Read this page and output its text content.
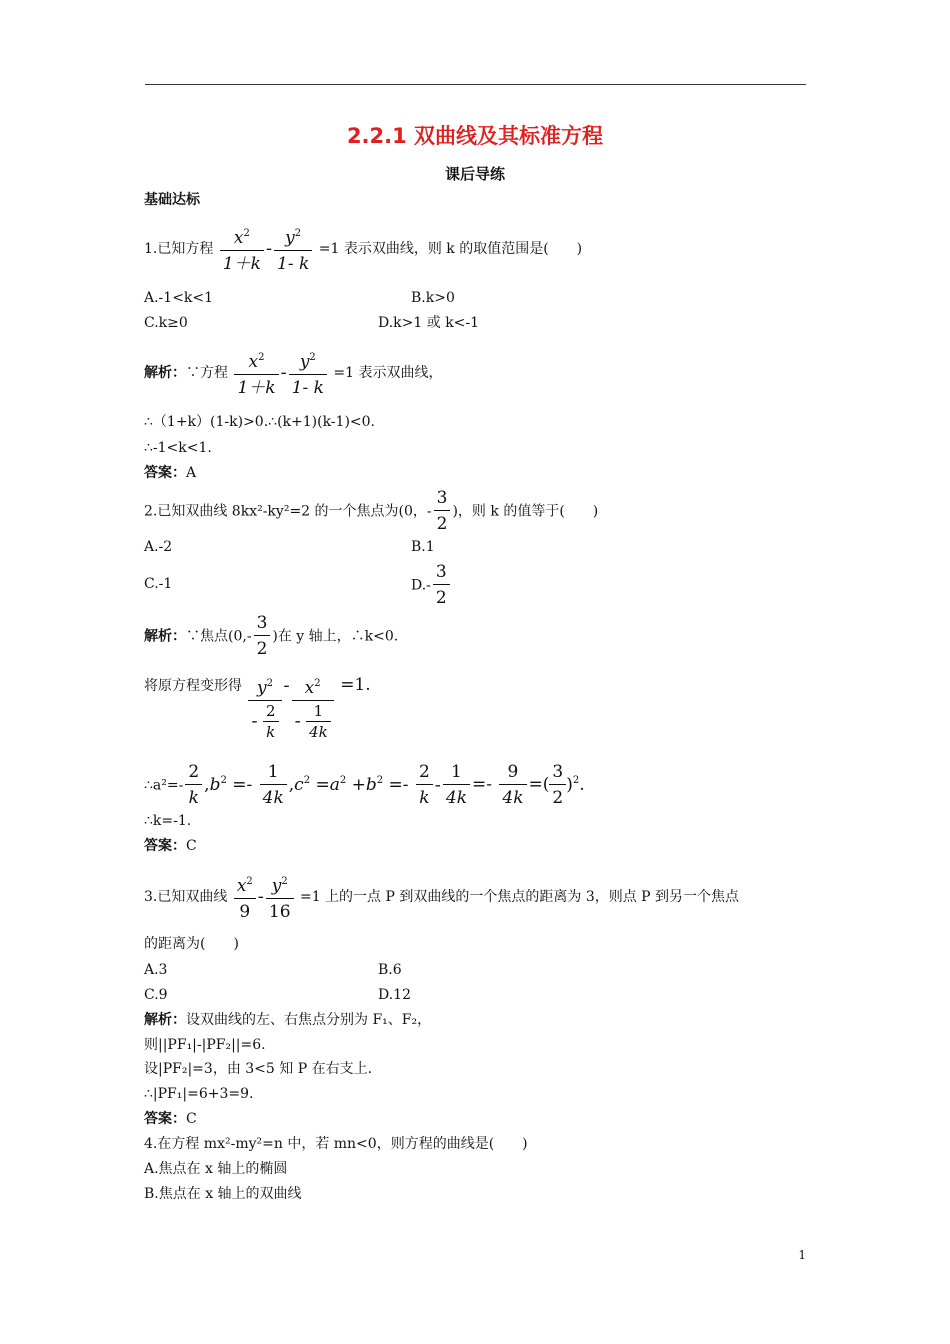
2.2.1 双曲线及其标准方程
课后导练
基础达标
1.已知方程 $\frac{x^2}{1+k} - \frac{y^2}{1- k} =1$ 表示双曲线，则 k 的取值范围是(　　)
A.-1<k<1	B.k>0
C.k≥0	D.k>1 或 k<-1
解析：∵方程 $\frac{x^2}{1+k} - \frac{y^2}{1- k} =1$ 表示双曲线，
∴（1+k）(1-k)>0.∴(k+1)(k-1)<0.
∴-1<k<1.
答案：A
2.已知双曲线 8kx²-ky²=2 的一个焦点为(0，- $\frac{3}{2}$ )，则 k 的值等于(　　)
A.-2	B.1
C.-1	$D.- \frac{3}{2}$
解析：∵焦点($0,- \frac{3}{2}$ )在 y 轴上，∴k<0.
将原方程变形得 $\frac{y^2}{- \frac{2}{k}} - \frac{x^2}{- \frac{1}{4k}} =1$.
∴a²=- $\frac{2}{k} ,b^2 =- \frac{1}{4k} ,c^2 =a^2 +b^2 =- \frac{2}{k} - \frac{1}{4k} =- \frac{9}{4k}$ =( $\frac{3}{2} )^2$.
∴k=-1.
答案：C
3.已知双曲线 $\frac{x^2}{9} - \frac{y^2}{16} =1$ 上的一点 P 到双曲线的一个焦点的距离为 3，则点 P 到另一个焦点
的距离为(　　)
A.3	B.6
C.9	D.12
解析：设双曲线的左、右焦点分别为 F₁、F₂，
则||PF₁|-|PF₂||=6.
设|PF₂|=3，由 3<5 知 P 在右支上.
∴|PF₁|=6+3=9.
答案：C
4.在方程 mx²-my²=n 中，若 mn<0，则方程的曲线是(　　)
A.焦点在 x 轴上的椭圆
B.焦点在 x 轴上的双曲线
1
